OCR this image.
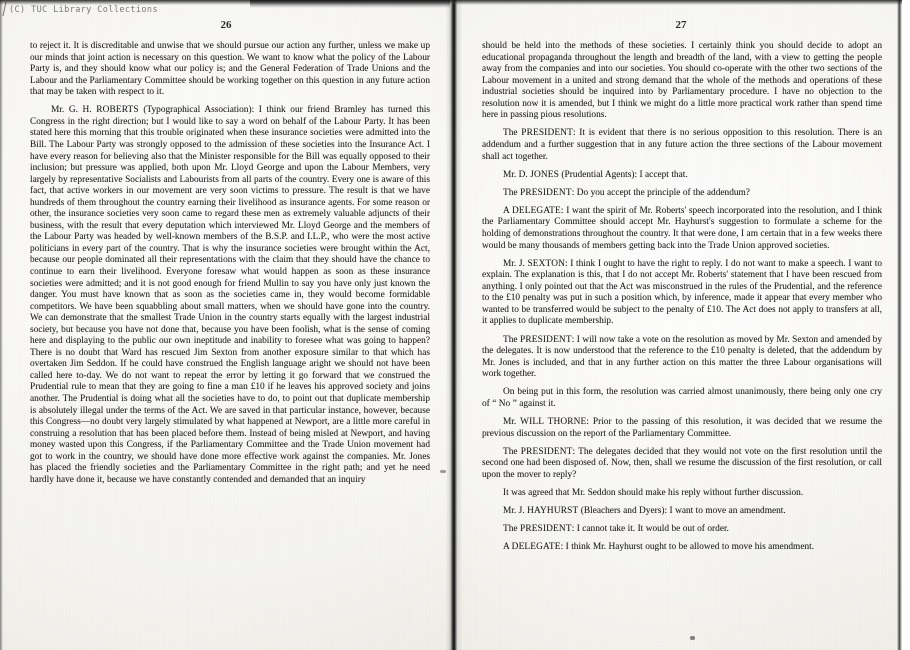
26

to reject it. It is discreditable and unwise that we should pursue our action any further, unless we make up our minds that joint action is necessary on this question. We want to know what the policy of the Labour Party is, and they should know what our policy is; and the General Federation of Trade Unions and the Labour and the Parliamentary Committee should be working together on this question in any future action that may be taken with respect to it.

Mr. G. H. ROBERTS (Typographical Association): I think our friend Bramley has turned this Congress in the right direction; but I would like to say a word on behalf of the Labour Party. It has been stated here this morning that this trouble originated when these insurance societies were admitted into the Bill. The Labour Party was strongly opposed to the admission of these societies into the Insurance Act. I have every reason for believing also that the Minister responsible for the Bill was equally opposed to their inclusion; but pressure was applied, both upon Mr. Lloyd George and upon the Labour Members, very largely by representative Socialists and Labourists from all parts of the country. Every one is aware of this fact, that active workers in our movement are very soon victims to pressure. The result is that we have hundreds of them throughout the country earning their livelihood as insurance agents. For some reason or other, the insurance societies very soon came to regard these men as extremely valuable adjuncts of their business, with the result that every deputation which interviewed Mr. Lloyd George and the members of the Labour Party was headed by well-known members of the B.S.P. and I.L.P., who were the most active politicians in every part of the country. That is why the insurance societies were brought within the Act, because our people dominated all their representations with the claim that they should have the chance to continue to earn their livelihood. Everyone foresaw what would happen as soon as these insurance societies were admitted; and it is not good enough for friend Mullin to say you have only just known the danger. You must have known that as soon as the societies came in, they would become formidable competitors. We have been squabbling about small matters, when we should have gone into the country. We can demonstrate that the smallest Trade Union in the country starts equally with the largest industrial society, but because you have not done that, because you have been foolish, what is the sense of coming here and displaying to the public our own ineptitude and inability to foresee what was going to happen? There is no doubt that Ward has rescued Jim Sexton from another exposure similar to that which has overtaken Jim Seddon. If he could have construed the English language aright we should not have been called here to-day. We do not want to repeat the error by letting it go forward that we construed the Prudential rule to mean that they are going to fine a man £10 if he leaves his approved society and joins another. The Prudential is doing what all the societies have to do, to point out that duplicate membership is absolutely illegal under the terms of the Act. We are saved in that particular instance, however, because this Congress—no doubt very largely stimulated by what happened at Newport, are a little more careful in construing a resolution that has been placed before them. Instead of being misled at Newport, and having money wasted upon this Congress, if the Parliamentary Committee and the Trade Union movement had got to work in the country, we should have done more effective work against the companies. Mr. Jones has placed the friendly societies and the Parliamentary Committee in the right path; and yet he need hardly have done it, because we have constantly contended and demanded that an inquiry

27

should be held into the methods of these societies. I certainly think you should decide to adopt an educational propaganda throughout the length and breadth of the land, with a view to getting the people away from the companies and into our societies. You should co-operate with the other two sections of the Labour movement in a united and strong demand that the whole of the methods and operations of these industrial societies should be inquired into by Parliamentary procedure. I have no objection to the resolution now it is amended, but I think we might do a little more practical work rather than spend time here in passing pious resolutions.

The PRESIDENT: It is evident that there is no serious opposition to this resolution. There is an addendum and a further suggestion that in any future action the three sections of the Labour movement shall act together.

Mr. D. JONES (Prudential Agents): I accept that.

The PRESIDENT: Do you accept the principle of the addendum?

A DELEGATE: I want the spirit of Mr. Roberts' speech incorporated into the resolution, and I think the Parliamentary Committee should accept Mr. Hayhurst's suggestion to formulate a scheme for the holding of demonstrations throughout the country. It that were done, I am certain that in a few weeks there would be many thousands of members getting back into the Trade Union approved societies.

Mr. J. SEXTON: I think I ought to have the right to reply. I do not want to make a speech. I want to explain. The explanation is this, that I do not accept Mr. Roberts' statement that I have been rescued from anything. I only pointed out that the Act was misconstrued in the rules of the Prudential, and the reference to the £10 penalty was put in such a position which, by inference, made it appear that every member who wanted to be transferred would be subject to the penalty of £10. The Act does not apply to transfers at all, it applies to duplicate membership.

The PRESIDENT: I will now take a vote on the resolution as moved by Mr. Sexton and amended by the delegates. It is now understood that the reference to the £10 penalty is deleted, that the addendum by Mr. Jones is included, and that in any further action on this matter the three Labour organisations will work together.

On being put in this form, the resolution was carried almost unanimously, there being only one cry of “ No ” against it.

Mr. WILL THORNE: Prior to the passing of this resolution, it was decided that we resume the previous discussion on the report of the Parliamentary Committee.

The PRESIDENT: The delegates decided that they would not vote on the first resolution until the second one had been disposed of. Now, then, shall we resume the discussion of the first resolution, or call upon the mover to reply?

It was agreed that Mr. Seddon should make his reply without further discussion.

Mr. J. HAYHURST (Bleachers and Dyers): I want to move an amendment.

The PRESIDENT: I cannot take it. It would be out of order.

A DELEGATE: I think Mr. Hayhurst ought to be allowed to move his amendment.

(C) TUC Library Collections
